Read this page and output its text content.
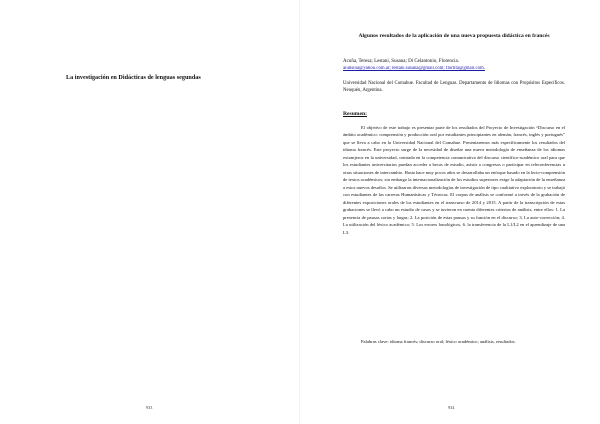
La investigación en Didácticas de lenguas segundas
933
Algunos resultados de la aplicación de una nueva propuesta didáctica en francés
Acuña, Teresa; Lestani, Susana; Di Celantonio, Florencia.
aiuhsina@yahoo.com.ar; lestani.susana@gmail.com; flortita@gmail.com.
Universidad Nacional del Comahue. Facultad de Lenguas. Departamento de Idiomas con Propósitos Específicos. Neuquén, Argentina.
Resumen:
El objetivo de este trabajo es presentar parte de los resultados del Proyecto de Investigación “Discurso en el ámbito académico: comprensión y producción oral por estudiantes principiantes en alemán, francés, inglés y portugués” que se lleva a cabo en la Universidad Nacional del Comahue. Presentaremos más específicamente los resultados del idioma francés. Este proyecto surge de la necesidad de diseñar una nueva metodología de enseñanza de los idiomas extranjeros en la universidad, centrada en la competencia comunicativa del discurso científico-académico oral para que los estudiantes universitarios puedan acceder a becas de estudio, asistir a congresos o participar en teleconferencias u otras situaciones de intercambio. Hasta hace muy pocos años se desarrollaba un enfoque basado en la lecto-comprensión de textos académicos; sin embargo la internacionalización de los estudios superiores exige la adaptación de la enseñanza a estos nuevos desafíos. Se utilizaron diversas metodologías de investigación de tipo cualitativo exploratorio y se trabajó con estudiantes de las carreras Humanísticas y Técnicas. El corpus de análisis se conformó a través de la grabación de diferentes exposiciones orales de los estudiantes en el transcurso de 2014 y 2015. A partir de la transcripción de estas grabaciones se llevó a cabo un estudio de casos y se tuvieron en cuenta diferentes criterios de análisis, entre ellos: 1. La presencia de pausas cortas y largas; 2. La posición de estas pausas y su función en el discurso; 3. La auto-corrección; 4. La utilización del léxico académico; 5. Los errores fonológicos, 6. la transferencia de la L1/L2 en el aprendizaje de una L3.
Palabras clave: idioma francés; discurso oral; léxico académico; análisis, resultados.
934
